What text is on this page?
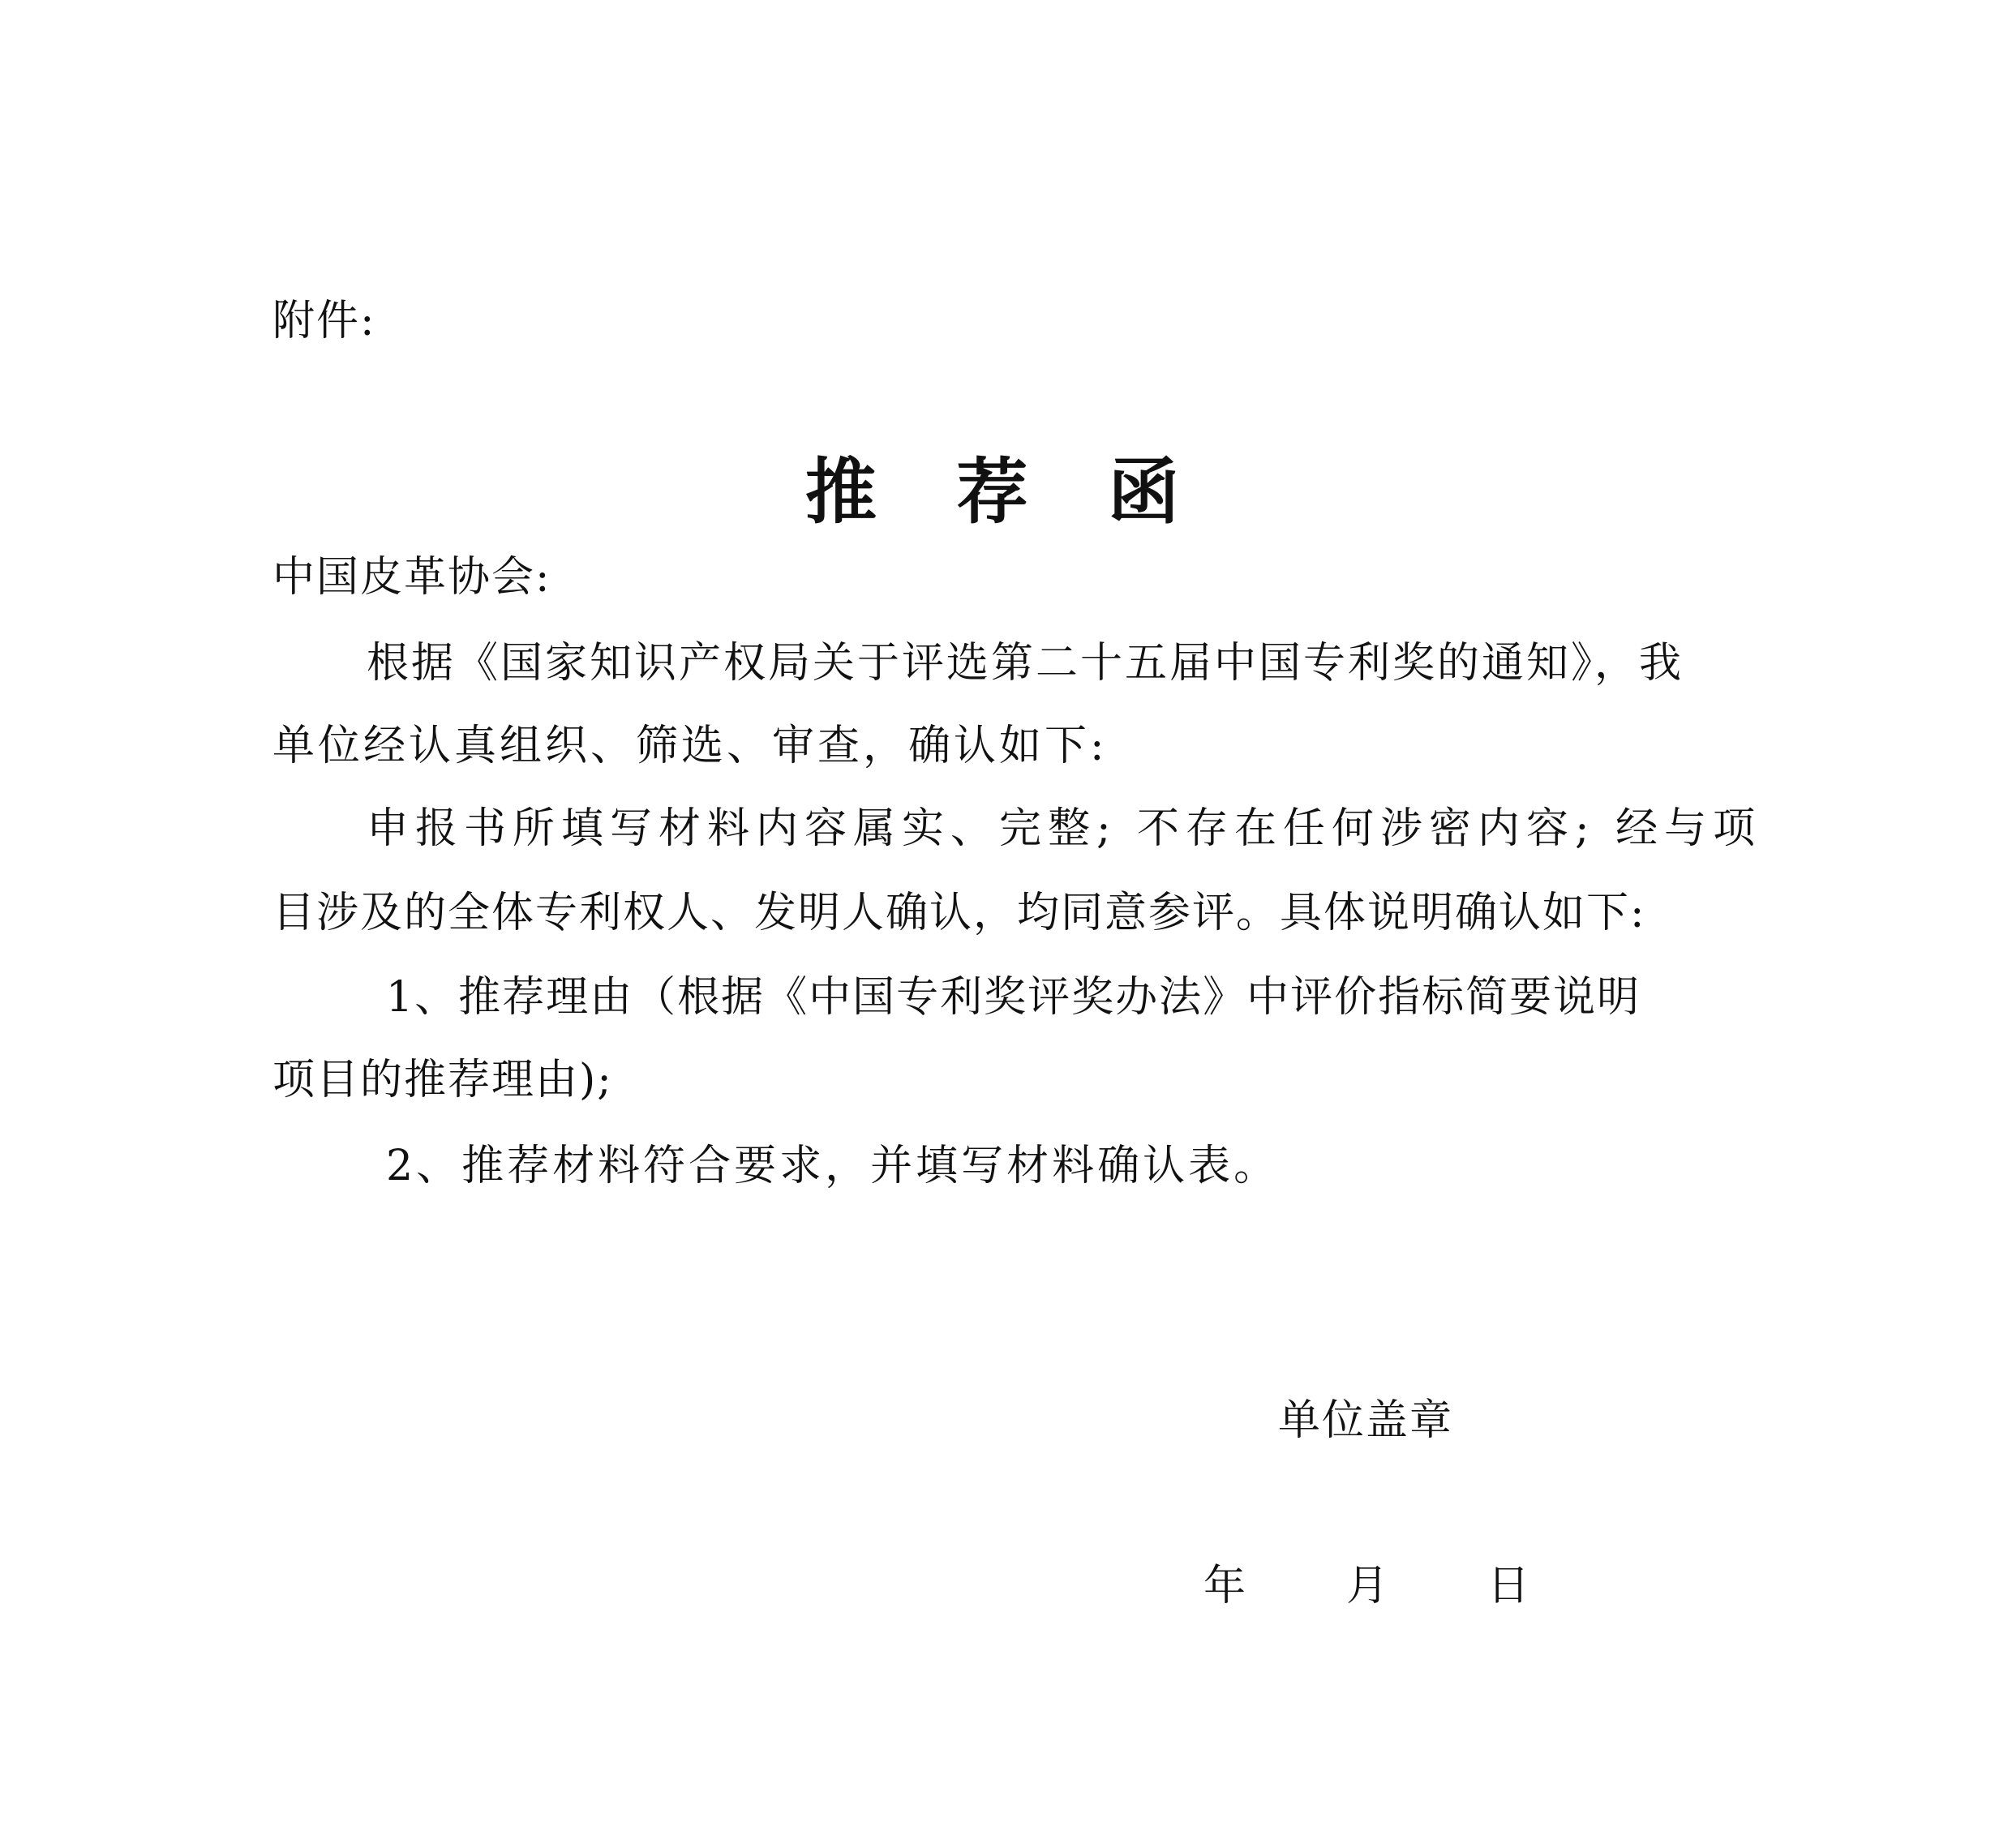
附件:
推 荐 函
中国皮革协会:
根据《国家知识产权局关于评选第二十五届中国专利奖的通知》，我
单位经认真组织、筛选、审查，确认如下:
申报书所填写材料内容属实、完整; 不存在任何涉密内容; 经与项
目涉及的全体专利权人、发明人确认，均同意参评。具体说明确认如下:
1、推荐理由（根据《中国专利奖评奖办法》中评价指标简要说明
项目的推荐理由);
2、推荐材料符合要求，并填写材料确认表。
单位盖章
年 月 日
